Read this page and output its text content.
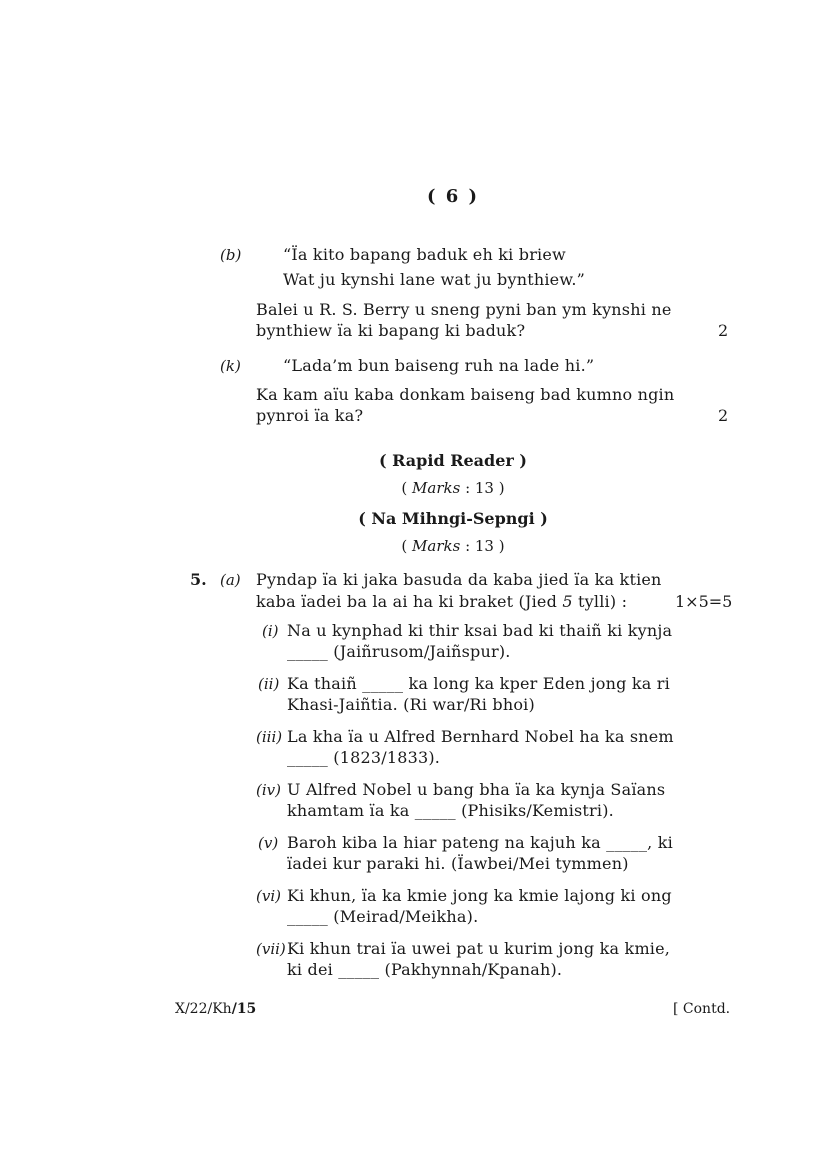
( 6 )
(b)	“Ïa kito bapang baduk eh ki briew
Wat ju kynshi lane wat ju bynthiew.”
Balei u R. S. Berry u sneng pyni ban ym kynshi ne
bynthiew ïa ki bapang ki baduk?	2
(k)	“Lada’m bun baiseng ruh na lade hi.”
Ka kam aïu kaba donkam baiseng bad kumno ngin
pynroi ïa ka?	2
( Rapid Reader )
( Marks : 13 )
( Na Mihngi-Sepngi )
( Marks : 13 )
5. (a) Pyndap ïa ki jaka basuda da kaba jied ïa ka ktien
kaba ïadei ba la ai ha ki braket (Jied 5 tylli) :	1×5=5
(i) Na u kynphad ki thir ksai bad ki thaiñ ki kynja
_____ (Jaiñrusom/Jaiñspur).
(ii) Ka thaiñ _____ ka long ka kper Eden jong ka ri
Khasi-Jaiñtia. (Ri war/Ri bhoi)
(iii) La kha ïa u Alfred Bernhard Nobel ha ka snem
_____ (1823/1833).
(iv) U Alfred Nobel u bang bha ïa ka kynja Saïans
khamtam ïa ka _____ (Phisiks/Kemistri).
(v) Baroh kiba la hiar pateng na kajuh ka _____, ki
ïadei kur paraki hi. (Ïawbei/Mei tymmen)
(vi) Ki khun, ïa ka kmie jong ka kmie lajong ki ong
_____ (Meirad/Meikha).
(vii) Ki khun trai ïa uwei pat u kurim jong ka kmie,
ki dei _____ (Pakhynnah/Kpanah).
X/22/Kh/15	[ Contd.
